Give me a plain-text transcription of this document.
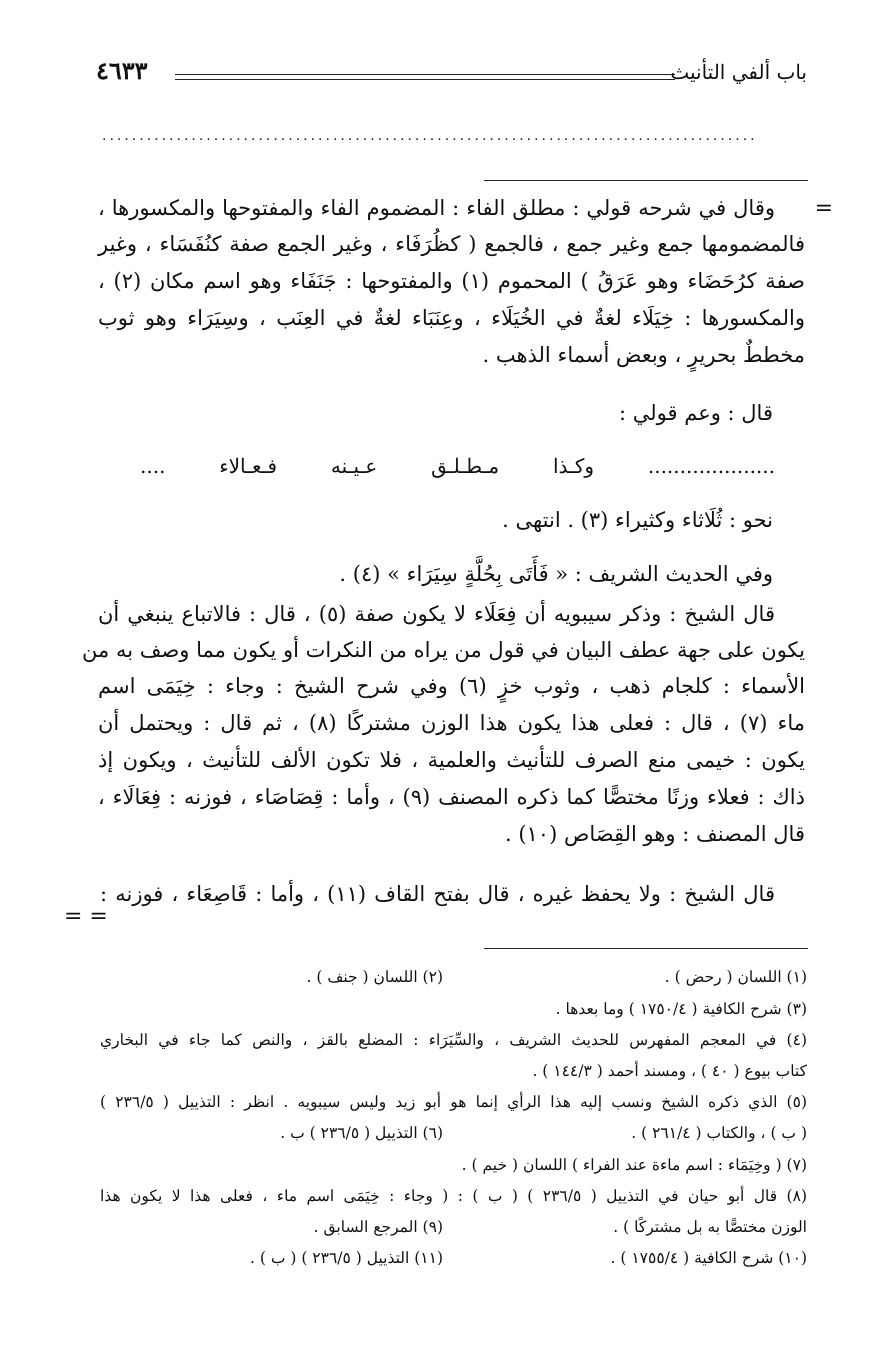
باب ألفي التأنيث
٤٦٣٣
........................................................................................
=
وقال في شرحه قولي : مطلق الفاء : المضموم الفاء والمفتوحها والمكسورها ،
فالمضمومها جمع وغير جمع ، فالجمع ( كظُرَفَاء ، وغير الجمع صفة كنُفَسَاء ، وغير
صفة كرُحَضَاء وهو عَرَقُ ) المحموم (١) والمفتوحها : جَنَفَاء وهو اسم مكان (٢) ،
والمكسورها : خِيَلَاء لغةٌ في الخُيَلَاء ، وعِنَبَاء لغةٌ في العِنَب ، وسِيَرَاء وهو ثوب
مخططٌ بحريرٍ ، وبعض أسماء الذهب .
قال : وعم قولي :
.................... وكـذا مـطـلـق عـيـنه فـعـالاء ....
نحو : ثُلَاثاء وكثيراء (٣) . انتهى .
وفي الحديث الشريف : « فَأَتَى بِحُلَّةٍ سِيَرَاء » (٤) .
قال الشيخ : وذكر سيبويه أن فِعَلَاء لا يكون صفة (٥) ، قال : فالاتباع ينبغي أن
يكون على جهة عطف البيان في قول من يراه من النكرات أو يكون مما وصف به من
الأسماء : كلجام ذهب ، وثوب خزٍ (٦) وفي شرح الشيخ : وجاء : خِيَمَى اسم
ماء (٧) ، قال : فعلى هذا يكون هذا الوزن مشتركًا (٨) ، ثم قال : ويحتمل أن
يكون : خيمى منع الصرف للتأنيث والعلمية ، فلا تكون الألف للتأنيث ، ويكون إذ
ذاك : فعلاء وزنًا مختصًّا كما ذكره المصنف (٩) ، وأما : قِصَاصَاء ، فوزنه : فِعَالَاء ،
قال المصنف : وهو القِصَاص (١٠) .
قال الشيخ : ولا يحفظ غيره ، قال بفتح القاف (١١) ، وأما : قَاصِعَاء ، فوزنه :
= =
(١) اللسان ( رحض ) .
(٢) اللسان ( جنف ) .
(٣) شرح الكافية ( ١٧٥٠/٤ ) وما بعدها .
(٤) في المعجم المفهرس للحديث الشريف ، والسِّيَرَاء : المضلع بالقز ، والنص كما جاء في البخاري
كتاب بيوع ( ٤٠ ) ، ومسند أحمد ( ١٤٤/٣ ) .
(٥) الذي ذكره الشيخ ونسب إليه هذا الرأي إنما هو أبو زيد وليس سيبويه . انظر : التذييل ( ٢٣٦/٥ )
( ب ) ، والكتاب ( ٢٦١/٤ ) .
(٦) التذييل ( ٢٣٦/٥ ) ب .
(٧) ( وخِيَمَاء : اسم ماءة عند الفراء ) اللسان ( خيم ) .
(٨) قال أبو حيان في التذييل ( ٢٣٦/٥ ) ( ب ) : ( وجاء : خِيَمَى اسم ماء ، فعلى هذا لا يكون هذا
الوزن مختصًّا به بل مشتركًا ) .
(٩) المرجع السابق .
(١٠) شرح الكافية ( ١٧٥٥/٤ ) .
(١١) التذييل ( ٢٣٦/٥ ) ( ب ) .
